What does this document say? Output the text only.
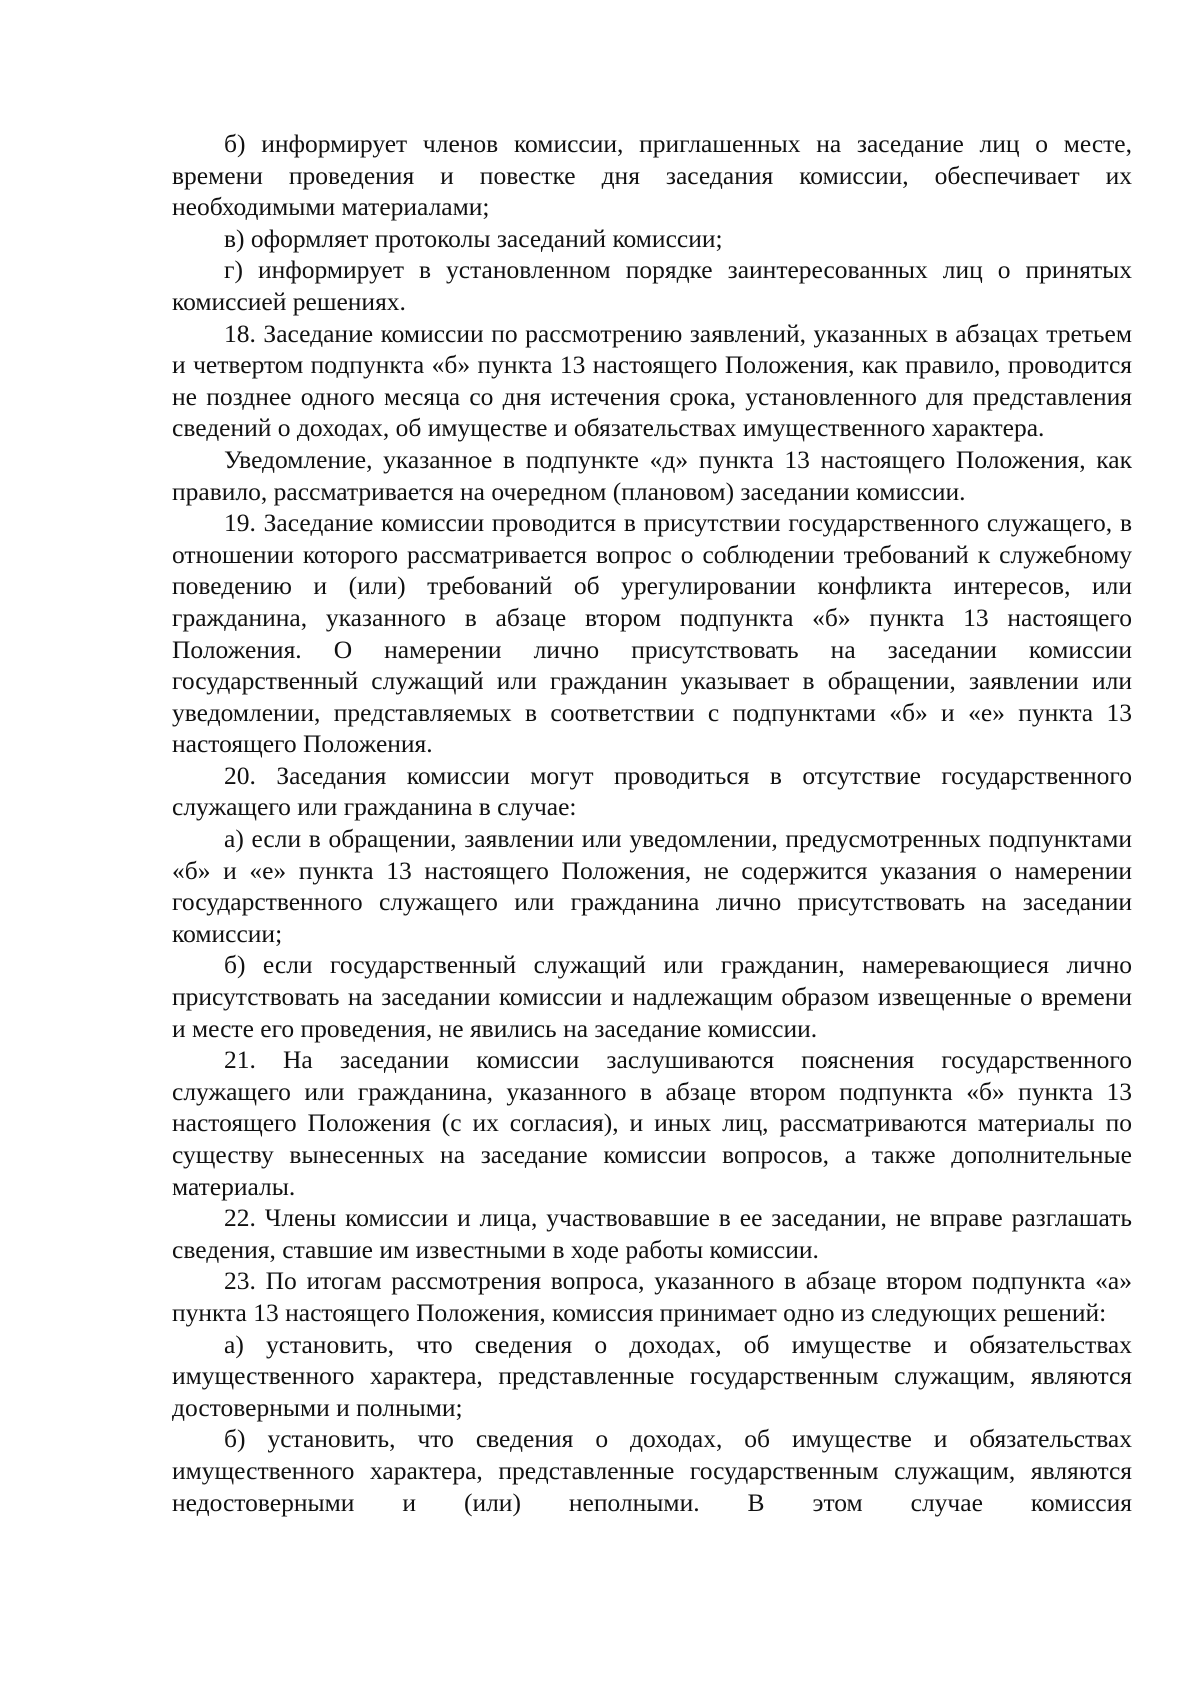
б) информирует членов комиссии, приглашенных на заседание лиц о месте, времени проведения и повестке дня заседания комиссии, обеспечивает их необходимыми материалами;

в) оформляет протоколы заседаний комиссии;

г) информирует в установленном порядке заинтересованных лиц о принятых комиссией решениях.

18. Заседание комиссии по рассмотрению заявлений, указанных в абзацах третьем и четвертом подпункта «б» пункта 13 настоящего Положения, как правило, проводится не позднее одного месяца со дня истечения срока, установленного для представления сведений о доходах, об имуществе и обязательствах имущественного характера.

Уведомление, указанное в подпункте «д» пункта 13 настоящего Положения, как правило, рассматривается на очередном (плановом) заседании комиссии.

19. Заседание комиссии проводится в присутствии государственного служащего, в отношении которого рассматривается вопрос о соблюдении требований к служебному поведению и (или) требований об урегулировании конфликта интересов, или гражданина, указанного в абзаце втором подпункта «б» пункта 13 настоящего Положения. О намерении лично присутствовать на заседании комиссии государственный служащий или гражданин указывает в обращении, заявлении или уведомлении, представляемых в соответствии с подпунктами «б» и «е» пункта 13 настоящего Положения.

20. Заседания комиссии могут проводиться в отсутствие государственного служащего или гражданина в случае:

а) если в обращении, заявлении или уведомлении, предусмотренных подпунктами «б» и «е» пункта 13 настоящего Положения, не содержится указания о намерении государственного служащего или гражданина лично присутствовать на заседании комиссии;

б) если государственный служащий или гражданин, намеревающиеся лично присутствовать на заседании комиссии и надлежащим образом извещенные о времени и месте его проведения, не явились на заседание комиссии.

21. На заседании комиссии заслушиваются пояснения государственного служащего или гражданина, указанного в абзаце втором подпункта «б» пункта 13 настоящего Положения (с их согласия), и иных лиц, рассматриваются материалы по существу вынесенных на заседание комиссии вопросов, а также дополнительные материалы.

22. Члены комиссии и лица, участвовавшие в ее заседании, не вправе разглашать сведения, ставшие им известными в ходе работы комиссии.

23. По итогам рассмотрения вопроса, указанного в абзаце втором подпункта «а» пункта 13 настоящего Положения, комиссия принимает одно из следующих решений:

а) установить, что сведения о доходах, об имуществе и обязательствах имущественного характера, представленные государственным служащим, являются достоверными и полными;

б) установить, что сведения о доходах, об имуществе и обязательствах имущественного характера, представленные государственным служащим, являются недостоверными и (или) неполными. В этом случае комиссия
